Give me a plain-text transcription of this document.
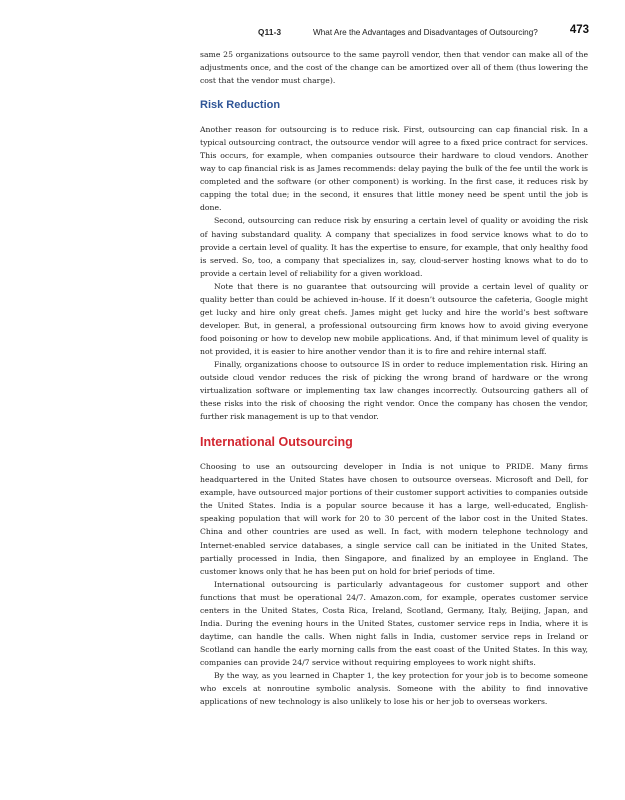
Q11-3	What Are the Advantages and Disadvantages of Outsourcing?	473

same 25 organizations outsource to the same payroll vendor, then that vendor can make all of the adjustments once, and the cost of the change can be amortized over all of them (thus lowering the cost that the vendor must charge).

Risk Reduction

Another reason for outsourcing is to reduce risk. First, outsourcing can cap financial risk. In a typical outsourcing contract, the outsource vendor will agree to a fixed price contract for services. This occurs, for example, when companies outsource their hardware to cloud vendors. Another way to cap financial risk is as James recommends: delay paying the bulk of the fee until the work is completed and the software (or other component) is working. In the first case, it reduces risk by capping the total due; in the second, it ensures that little money need be spent until the job is done.

Second, outsourcing can reduce risk by ensuring a certain level of quality or avoiding the risk of having substandard quality. A company that specializes in food service knows what to do to provide a certain level of quality. It has the expertise to ensure, for example, that only healthy food is served. So, too, a company that specializes in, say, cloud-server hosting knows what to do to provide a certain level of reliability for a given workload.

Note that there is no guarantee that outsourcing will provide a certain level of quality or quality better than could be achieved in-house. If it doesn’t outsource the cafeteria, Google might get lucky and hire only great chefs. James might get lucky and hire the world’s best software developer. But, in general, a professional outsourcing firm knows how to avoid giving everyone food poisoning or how to develop new mobile applications. And, if that minimum level of quality is not provided, it is easier to hire another vendor than it is to fire and rehire internal staff.

Finally, organizations choose to outsource IS in order to reduce implementation risk. Hiring an outside cloud vendor reduces the risk of picking the wrong brand of hardware or the wrong virtualization software or implementing tax law changes incorrectly. Outsourcing gathers all of these risks into the risk of choosing the right vendor. Once the company has chosen the vendor, further risk management is up to that vendor.

International Outsourcing

Choosing to use an outsourcing developer in India is not unique to PRIDE. Many firms headquartered in the United States have chosen to outsource overseas. Microsoft and Dell, for example, have outsourced major portions of their customer support activities to companies outside the United States. India is a popular source because it has a large, well-educated, English-speaking population that will work for 20 to 30 percent of the labor cost in the United States. China and other countries are used as well. In fact, with modern telephone technology and Internet-enabled service databases, a single service call can be initiated in the United States, partially processed in India, then Singapore, and finalized by an employee in England. The customer knows only that he has been put on hold for brief periods of time.

International outsourcing is particularly advantageous for customer support and other functions that must be operational 24/7. Amazon.com, for example, operates customer service centers in the United States, Costa Rica, Ireland, Scotland, Germany, Italy, Beijing, Japan, and India. During the evening hours in the United States, customer service reps in India, where it is daytime, can handle the calls. When night falls in India, customer service reps in Ireland or Scotland can handle the early morning calls from the east coast of the United States. In this way, companies can provide 24/7 service without requiring employees to work night shifts.

By the way, as you learned in Chapter 1, the key protection for your job is to become someone who excels at nonroutine symbolic analysis. Someone with the ability to find innovative applications of new technology is also unlikely to lose his or her job to overseas workers.
